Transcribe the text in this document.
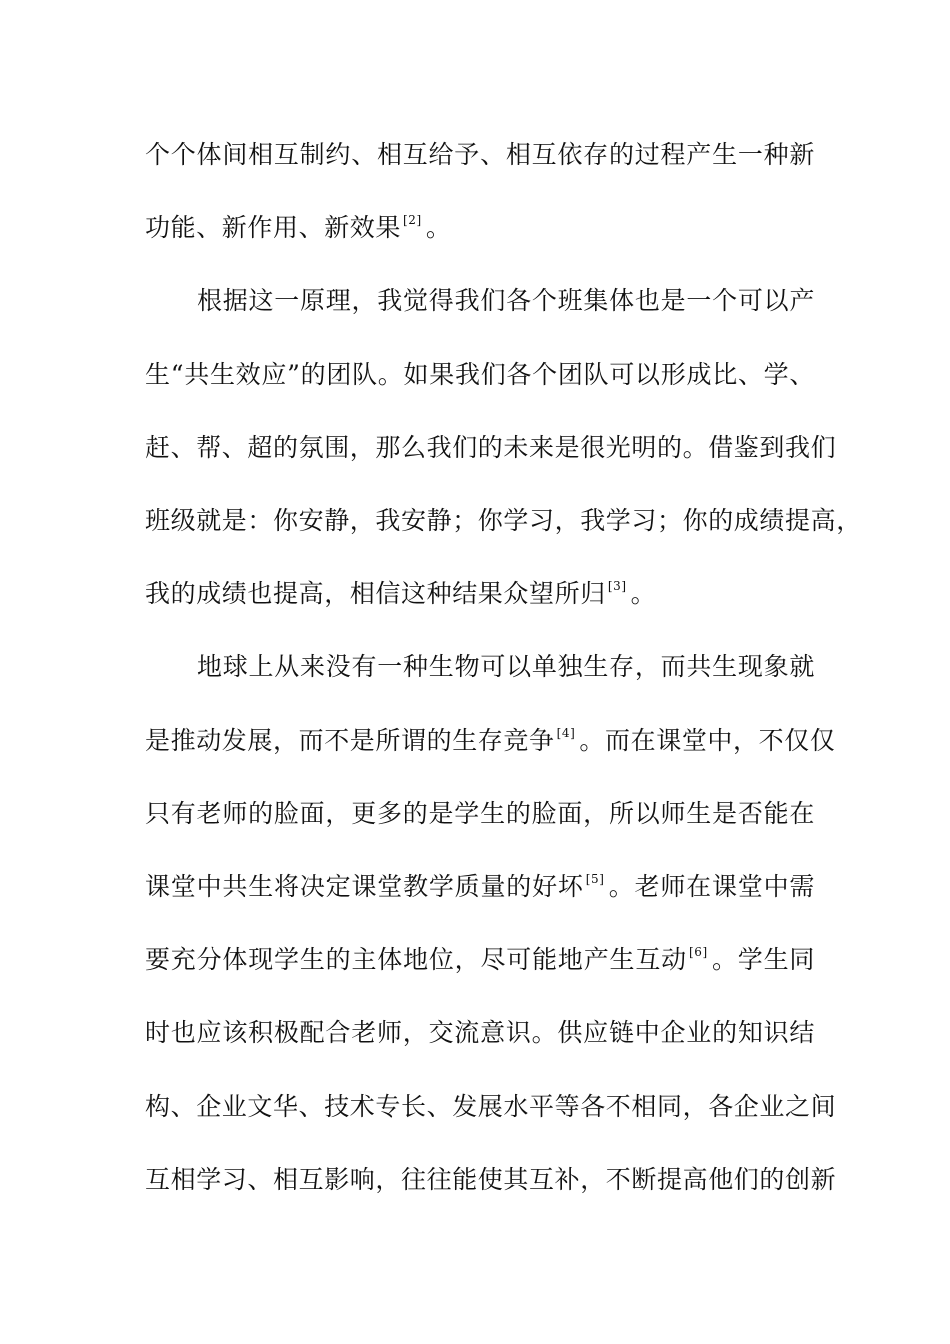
个个体间相互制约、相互给予、相互依存的过程产生一种新
功能、新作用、新效果 [2] 。
根据这一原理，我觉得我们各个班集体也是一个可以产
生“共生效应”的团队。如果我们各个团队可以形成比、学、
赶、帮、超的氛围，那么我们的未来是很光明的。借鉴到我们
班级就是：你安静，我安静；你学习，我学习；你的成绩提高，
我的成绩也提高，相信这种结果众望所归 [3] 。
地球上从来没有一种生物可以单独生存，而共生现象就
是推动发展，而不是所谓的生存竞争 [4] 。而在课堂中，不仅仅
只有老师的脸面，更多的是学生的脸面，所以师生是否能在
课堂中共生将决定课堂教学质量的好坏 [5] 。老师在课堂中需
要充分体现学生的主体地位，尽可能地产生互动 [6] 。学生同
时也应该积极配合老师，交流意识。供应链中企业的知识结
构、企业文华、技术专长、发展水平等各不相同，各企业之间
互相学习、相互影响，往往能使其互补，不断提高他们的创新
